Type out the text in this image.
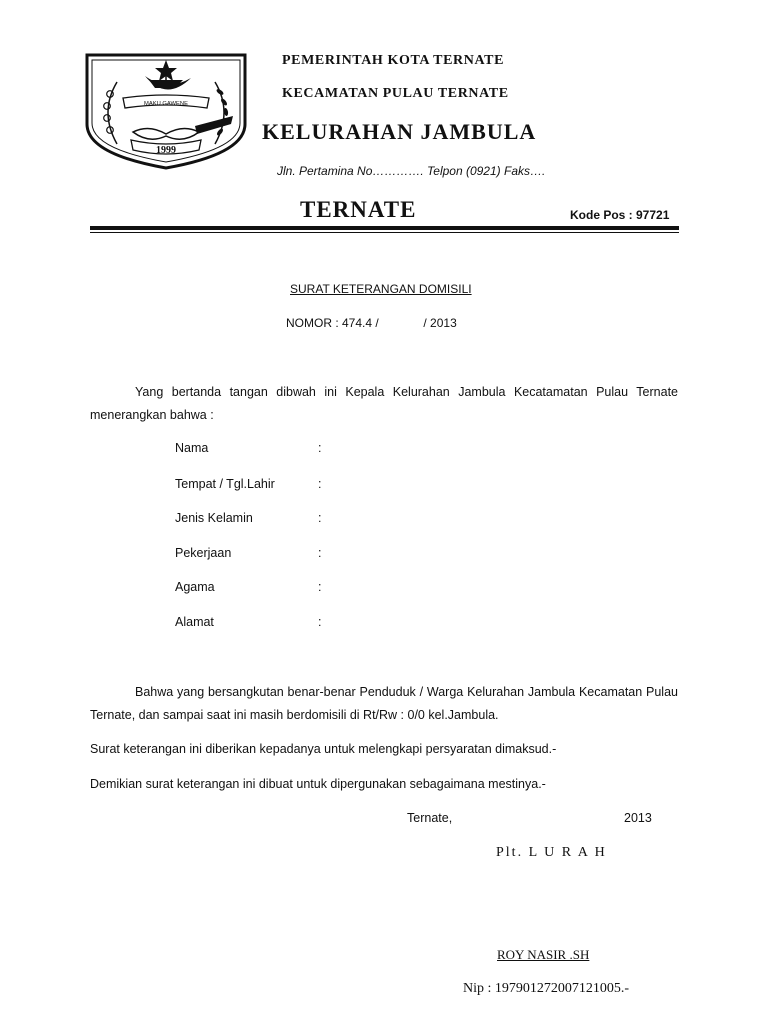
MAKU GAWENE
1999
PEMERINTAH KOTA TERNATE
KECAMATAN PULAU TERNATE
KELURAHAN JAMBULA
Jln. Pertamina No…………. Telpon (0921) Faks….
TERNATE	Kode Pos : 97721
SURAT KETERANGAN DOMISILI
NOMOR : 474.4 /	/ 2013
Yang bertanda tangan dibwah ini Kepala Kelurahan Jambula Kecatamatan Pulau Ternate menerangkan bahwa :
Nama	:
Tempat / Tgl.Lahir	:
Jenis Kelamin	:
Pekerjaan	:
Agama	:
Alamat	:
Bahwa yang bersangkutan benar-benar Penduduk / Warga Kelurahan Jambula Kecamatan Pulau Ternate, dan sampai saat ini masih berdomisili di Rt/Rw : 0/0 kel.Jambula.
Surat keterangan ini diberikan kepadanya untuk melengkapi persyaratan dimaksud.-
Demikian surat keterangan ini dibuat untuk dipergunakan sebagaimana mestinya.-
Ternate,	2013
Plt. L U R A H
ROY NASIR .SH
Nip : 197901272007121005.-
